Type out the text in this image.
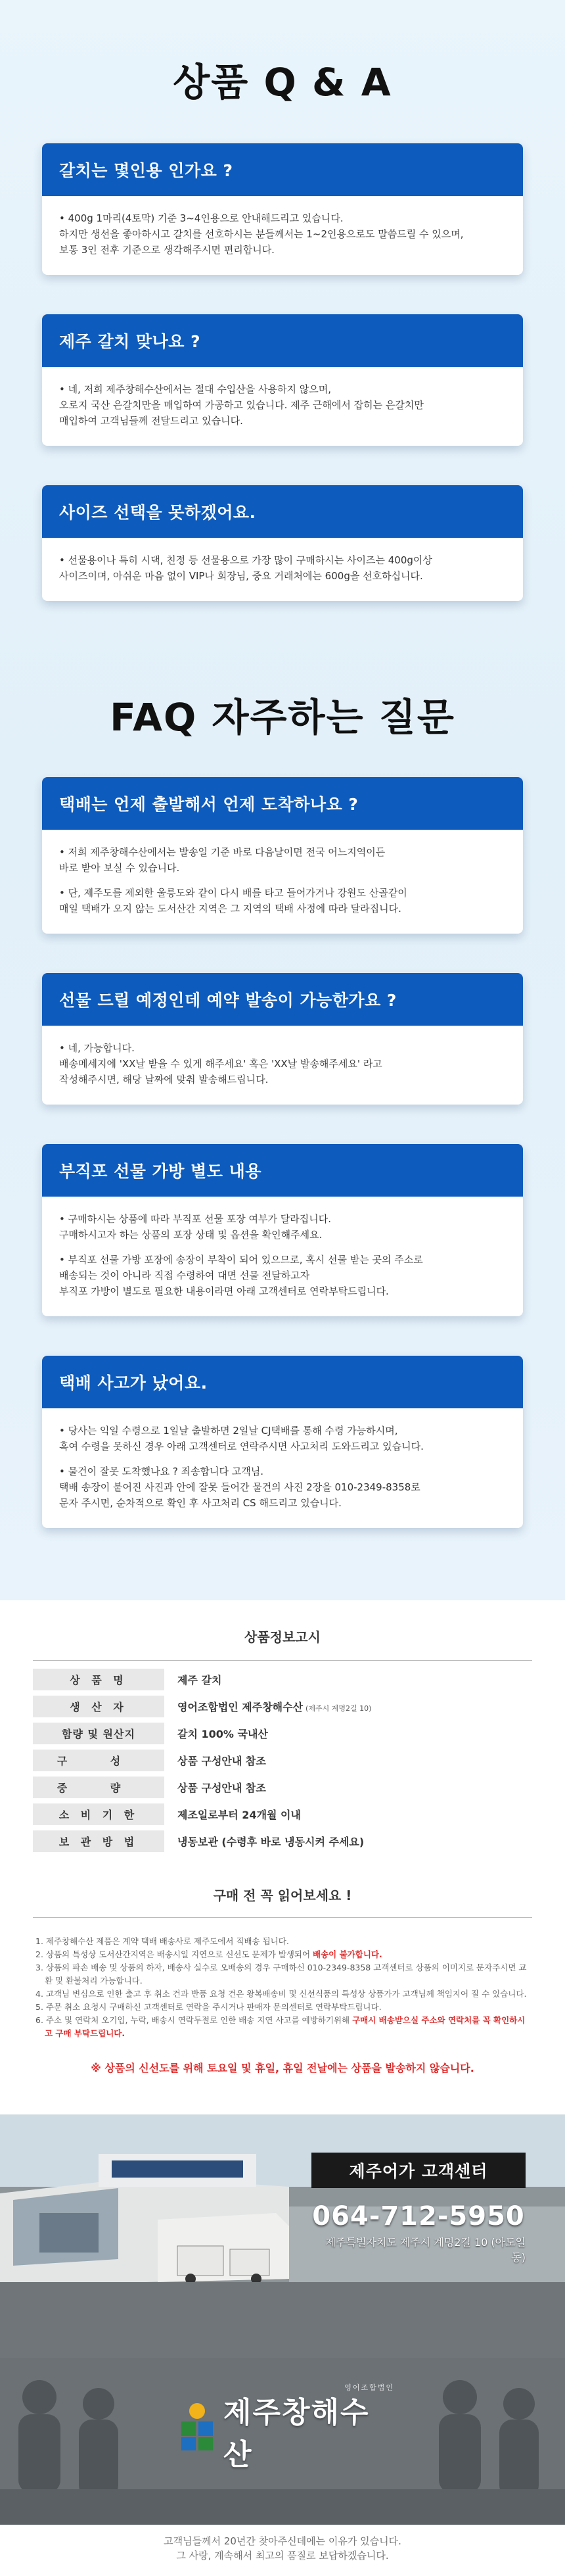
상품 Q & A
갈치는 몇인용 인가요 ?
• 400g 1마리(4토막) 기준 3~4인용으로 안내해드리고 있습니다.
하지만 생선을 좋아하시고 갈치를 선호하시는 분들께서는 1~2인용으로도 말씀드릴 수 있으며,
보통 3인 전후 기준으로 생각해주시면 편리합니다.
제주 갈치 맞나요 ?
• 네, 저희 제주창해수산에서는 절대 수입산을 사용하지 않으며,
오로지 국산 은갈치만을 매입하여 가공하고 있습니다. 제주 근해에서 잡히는 은갈치만
매입하여 고객님들께 전달드리고 있습니다.
사이즈 선택을 못하겠어요.
• 선물용이나 특히 시댁, 친정 등 선물용으로 가장 많이 구매하시는 사이즈는 400g이상
사이즈이며, 아쉬운 마음 없이 VIP나 회장님, 중요 거래처에는 600g을 선호하십니다.
FAQ 자주하는 질문
택배는 언제 출발해서 언제 도착하나요 ?

• 저희 제주창해수산에서는 발송일 기준 바로 다음날이면 전국 어느지역이든
바로 받아 보실 수 있습니다.

• 단, 제주도를 제외한 울릉도와 같이 다시 배를 타고 들어가거나 강원도 산골같이
매일 택배가 오지 않는 도서산간 지역은 그 지역의 택배 사정에 따라 달라집니다.

선물 드릴 예정인데 예약 발송이 가능한가요 ?

• 네, 가능합니다.
배송메세지에 'XX날 받을 수 있게 해주세요' 혹은 'XX날 발송해주세요' 라고
작성해주시면, 해당 날짜에 맞춰 발송해드립니다.

부직포 선물 가방 별도 내용

• 구매하시는 상품에 따라 부직포 선물 포장 여부가 달라집니다.
구매하시고자 하는 상품의 포장 상태 및 옵션을 확인해주세요.

• 부직포 선물 가방 포장에 송장이 부착이 되어 있으므로, 혹시 선물 받는 곳의 주소로
배송되는 것이 아니라 직접 수령하여 대면 선물 전달하고자
부직포 가방이 별도로 필요한 내용이라면 아래 고객센터로 연락부탁드립니다.

택배 사고가 났어요.

• 당사는 익일 수령으로 1일날 출발하면 2일날 CJ택배를 통해 수령 가능하시며,
혹여 수령을 못하신 경우 아래 고객센터로 연락주시면 사고처리 도와드리고 있습니다.

• 물건이 잘못 도착했나요 ? 죄송합니다 고객님.
택배 송장이 붙어진 사진과 안에 잘못 들어간 물건의 사진 2장을 010-2349-8358로
문자 주시면, 순차적으로 확인 후 사고처리 CS 해드리고 있습니다.

상품정보고시
상 품 명	제주 갈치
생 산 자	영어조합법인 제주창해수산 (제주시 계명2길 10)
함량 및 원산지	갈치 100% 국내산
구 성	상품 구성안내 참조
중 량	상품 구성안내 참조
소 비 기 한	제조일로부터 24개월 이내
보 관 방 법	냉동보관 (수령후 바로 냉동시켜 주세요)
구매 전 꼭 읽어보세요 !
1. 제주창해수산 제품은 계약 택배 배송사로 제주도에서 직배송 됩니다.
2. 상품의 특성상 도서산간지역은 배송시일 지연으로 신선도 문제가 발생되어 배송이 불가합니다.
3. 상품의 파손 배송 및 상품의 하자, 배송사 실수로 오배송의 경우 구매하신 010-2349-8358 고객센터로 상품의 이미지로 문자주시면 교환 및 환불처리 가능합니다.
4. 고객님 변심으로 인한 출고 후 취소 건과 반품 요청 건은 왕복배송비 및 신선식품의 특성상 상품가가 고객님께 책임지어 질 수 있습니다.
5. 주문 취소 요청시 구매하신 고객센터로 연락을 주시거나 판매자 문의센터로 연락부탁드립니다.
6. 주소 및 연락처 오기입, 누락, 배송시 연락두절로 인한 배송 지연 사고를 예방하기위해 구매시 배송받으실 주소와 연락처를 꼭 확인하시고 구매 부탁드립니다.
※ 상품의 신선도를 위해 토요일 및 휴일, 휴일 전날에는 상품을 발송하지 않습니다.
제주어가 고객센터
064-712-5950
제주특별자치도 제주시 계명2길 10 (아도일동)
영어조합법인
제주창해수산
고객님들께서 20년간 찾아주신데에는 이유가 있습니다.
그 사랑, 계속해서 최고의 품질로 보답하겠습니다.
